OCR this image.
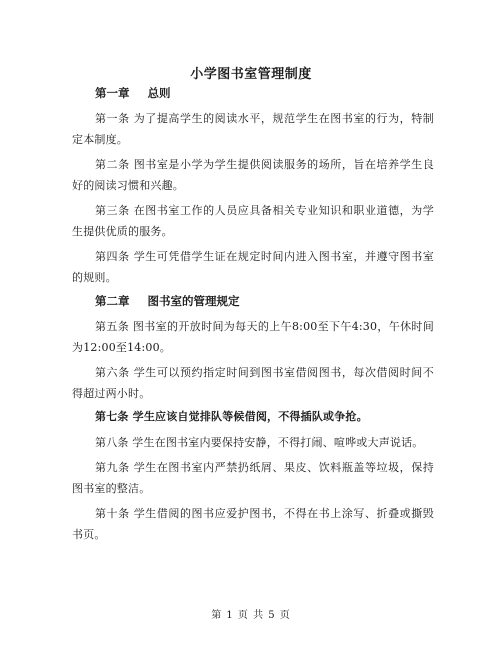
小学图书室管理制度
第一章 总则

第一条 为了提高学生的阅读水平，规范学生在图书室的行为，特制定本制度。

第二条 图书室是小学为学生提供阅读服务的场所，旨在培养学生良好的阅读习惯和兴趣。

第三条 在图书室工作的人员应具备相关专业知识和职业道德，为学生提供优质的服务。

第四条 学生可凭借学生证在规定时间内进入图书室，并遵守图书室的规则。

第二章 图书室的管理规定

第五条 图书室的开放时间为每天的上午8:00至下午4:30，午休时间为12:00至14:00。

第六条 学生可以预约指定时间到图书室借阅图书，每次借阅时间不得超过两小时。

第七条 学生应该自觉排队等候借阅，不得插队或争抢。

第八条 学生在图书室内要保持安静，不得打闹、喧哗或大声说话。

第九条 学生在图书室内严禁扔纸屑、果皮、饮料瓶盖等垃圾，保持图书室的整洁。

第十条 学生借阅的图书应爱护图书，不得在书上涂写、折叠或撕毁书页。

第 1 页 共 5 页
